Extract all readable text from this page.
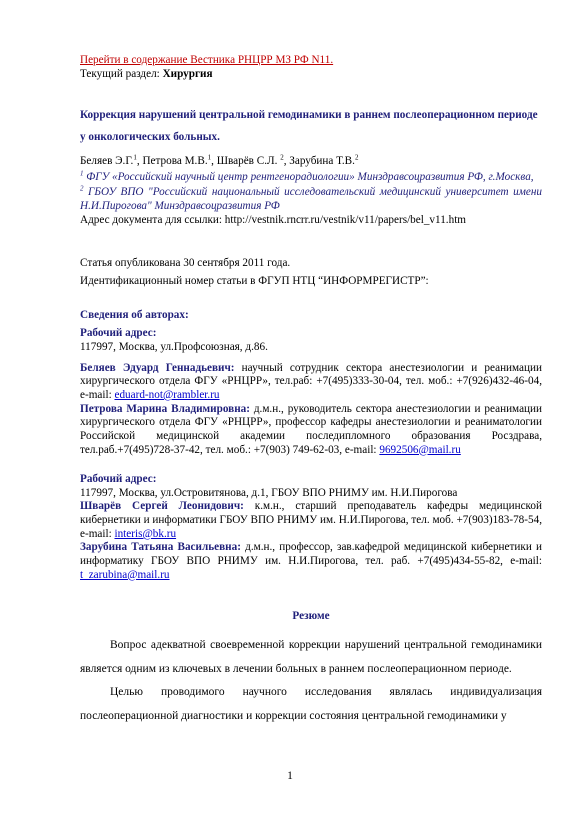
Перейти в содержание Вестника РНЦРР МЗ РФ N11.
Текущий раздел: Хирургия

Коррекция нарушений центральной гемодинамики в раннем послеоперационном периоде у онкологических больных.

Беляев Э.Г.$^1$, Петрова М.В.$^1$, Шварёв С.Л. $^2$, Зарубина Т.В.$^2$

$^1$ ФГУ «Российский научный центр рентгенорадиологии» Минздравсоцразвития РФ, г.Москва,

$^2$ ГБОУ ВПО "Российский национальный исследовательский медицинский университет имени Н.И.Пирогова" Минздравсоцразвития РФ

Адрес документа для ссылки: http://vestnik.rncrr.ru/vestnik/v11/papers/bel_v11.htm

Статья опубликована 30 сентября 2011 года.

Идентификационный номер статьи в ФГУП НТЦ “ИНФОРМРЕГИСТР”:

Сведения об авторах:

Рабочий адрес:

117997, Москва, ул.Профсоюзная, д.86.

Беляев Эдуард Геннадьевич: научный сотрудник сектора анестезиологии и реанимации хирургического отдела ФГУ «РНЦРР», тел.раб: +7(495)333-30-04, тел. моб.: +7(926)432-46-04, e-mail: eduard-not@rambler.ru

Петрова Марина Владимировна: д.м.н., руководитель сектора анестезиологии и реанимации хирургического отдела ФГУ «РНЦРР», профессор кафедры анестезиологии и реаниматологии Российской медицинской академии последипломного образования Росздрава, тел.раб.+7(495)728-37-42, тел. моб.: +7(903) 749-62-03, e-mail: 9692506@mail.ru

Рабочий адрес:

117997, Москва, ул.Островитянова, д.1, ГБОУ ВПО РНИМУ им. Н.И.Пирогова

Шварёв Сергей Леонидович: к.м.н., старший преподаватель кафедры медицинской кибернетики и информатики ГБОУ ВПО РНИМУ им. Н.И.Пирогова, тел. моб. +7(903)183-78-54, e-mail: interis@bk.ru

Зарубина Татьяна Васильевна: д.м.н., профессор, зав.кафедрой медицинской кибернетики и информатику ГБОУ ВПО РНИМУ им. Н.И.Пирогова, тел. раб. +7(495)434-55-82, e-mail: t_zarubina@mail.ru

Резюме

Вопрос адекватной своевременной коррекции нарушений центральной гемодинамики является одним из ключевых в лечении больных в раннем послеоперационном периоде.

Целью проводимого научного исследования являлась индивидуализация послеоперационной диагностики и коррекции состояния центральной гемодинамики у

1
